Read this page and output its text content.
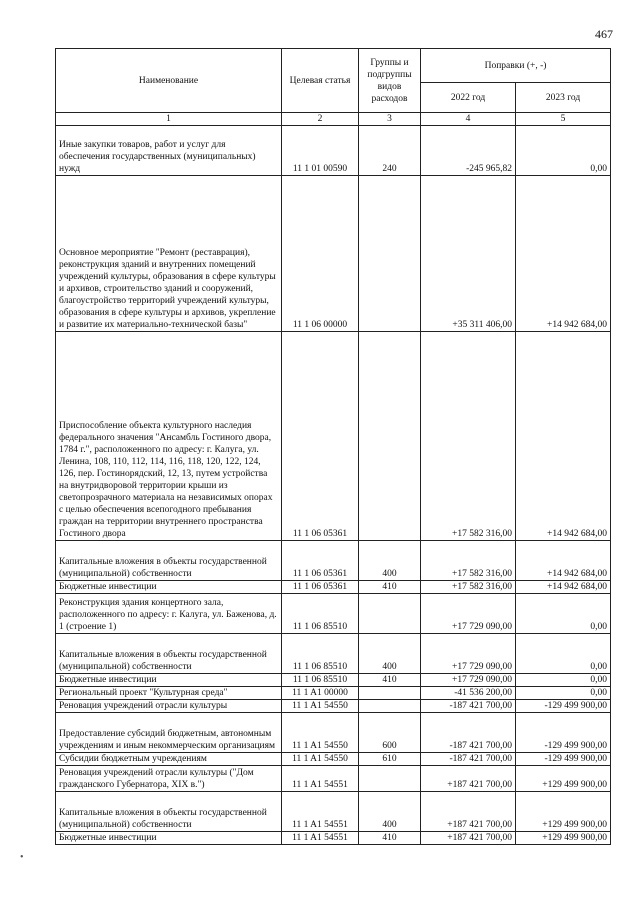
467
Наименование	Целевая статья	Группы и подгруппы видов расходов	Поправки (+, -)	
			2022 год	2023 год
1	2	3	4	5
Иные закупки товаров, работ и услуг для обеспечения государственных (муниципальных) нужд	11 1 01 00590	240	-245 965,82	0,00
Основное мероприятие "Ремонт (реставрация), реконструкция зданий и внутренних помещений учреждений культуры, образования в сфере культуры и архивов, строительство зданий и сооружений, благоустройство территорий учреждений культуры, образования в сфере культуры и архивов, укрепление и развитие их материально-технической базы"	11 1 06 00000		+35 311 406,00	+14 942 684,00
Приспособление объекта культурного наследия федерального значения "Ансамбль Гостиного двора, 1784 г.", расположенного по адресу: г. Калуга, ул. Ленина, 108, 110, 112, 114, 116, 118, 120, 122, 124, 126, пер. Гостинорядский, 12, 13, путем устройства на внутридворовой территории крыши из светопрозрачного материала на независимых опорах с целью обеспечения всепогодного пребывания граждан на территории внутреннего пространства Гостиного двора	11 1 06 05361		+17 582 316,00	+14 942 684,00
Капитальные вложения в объекты государственной (муниципальной) собственности	11 1 06 05361	400	+17 582 316,00	+14 942 684,00
Бюджетные инвестиции	11 1 06 05361	410	+17 582 316,00	+14 942 684,00
Реконструкция здания концертного зала, расположенного по адресу: г. Калуга, ул. Баженова, д. 1 (строение 1)	11 1 06 85510		+17 729 090,00	0,00
Капитальные вложения в объекты государственной (муниципальной) собственности	11 1 06 85510	400	+17 729 090,00	0,00
Бюджетные инвестиции	11 1 06 85510	410	+17 729 090,00	0,00
Региональный проект "Культурная среда"	11 1 A1 00000		-41 536 200,00	0,00
Реновация учреждений отрасли культуры	11 1 A1 54550		-187 421 700,00	-129 499 900,00
Предоставление субсидий бюджетным, автономным учреждениям и иным некоммерческим организациям	11 1 A1 54550	600	-187 421 700,00	-129 499 900,00
Субсидии бюджетным учреждениям	11 1 A1 54550	610	-187 421 700,00	-129 499 900,00
Реновация учреждений отрасли культуры ("Дом гражданского Губернатора, XIX в.")	11 1 A1 54551		+187 421 700,00	+129 499 900,00
Капитальные вложения в объекты государственной (муниципальной) собственности	11 1 A1 54551	400	+187 421 700,00	+129 499 900,00
Бюджетные инвестиции	11 1 A1 54551	410	+187 421 700,00	+129 499 900,00
•
